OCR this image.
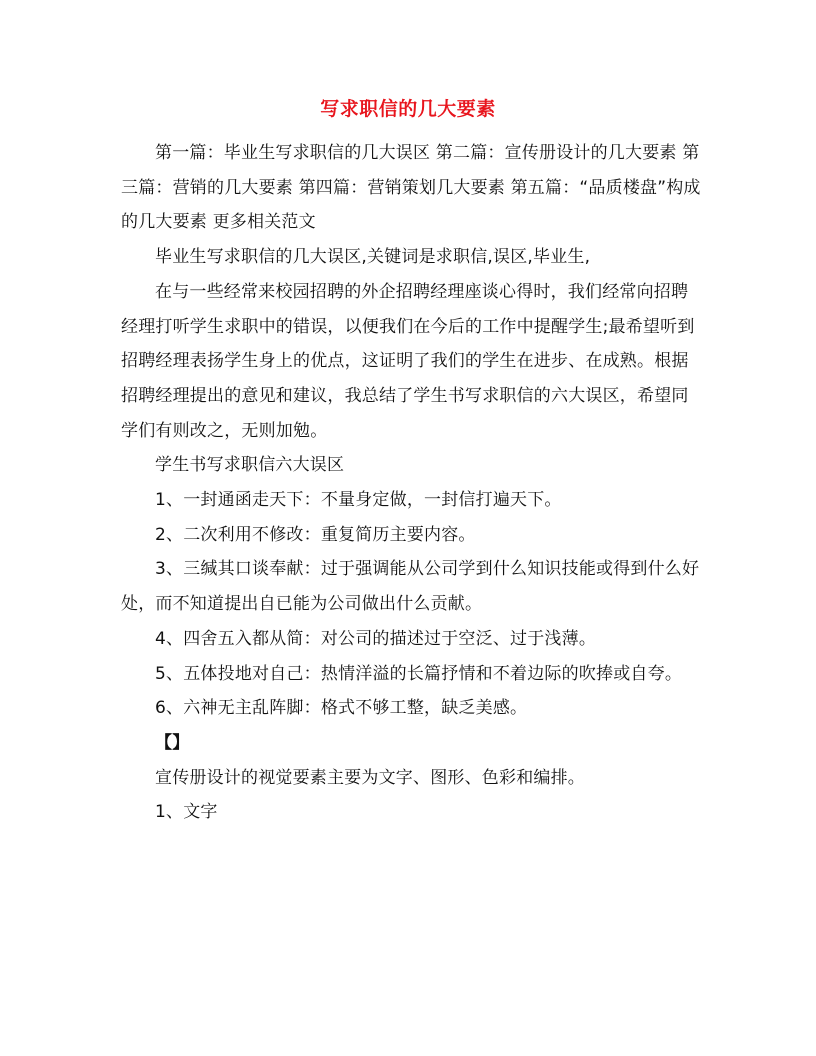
写求职信的几大要素

第一篇：毕业生写求职信的几大误区 第二篇：宣传册设计的几大要素 第三篇：营销的几大要素 第四篇：营销策划几大要素 第五篇：“品质楼盘”构成的几大要素 更多相关范文

毕业生写求职信的几大误区,关键词是求职信,误区,毕业生,

在与一些经常来校园招聘的外企招聘经理座谈心得时，我们经常向招聘经理打听学生求职中的错误，以便我们在今后的工作中提醒学生;最希望听到招聘经理表扬学生身上的优点，这证明了我们的学生在进步、在成熟。根据招聘经理提出的意见和建议，我总结了学生书写求职信的六大误区，希望同学们有则改之，无则加勉。

学生书写求职信六大误区

1、一封通函走天下：不量身定做，一封信打遍天下。

2、二次利用不修改：重复简历主要内容。

3、三缄其口谈奉献：过于强调能从公司学到什么知识技能或得到什么好处，而不知道提出自已能为公司做出什么贡献。

4、四舍五入都从简：对公司的描述过于空泛、过于浅薄。

5、五体投地对自己：热情洋溢的长篇抒情和不着边际的吹捧或自夸。

6、六神无主乱阵脚：格式不够工整，缺乏美感。

【】

宣传册设计的视觉要素主要为文字、图形、色彩和编排。

1、文字
